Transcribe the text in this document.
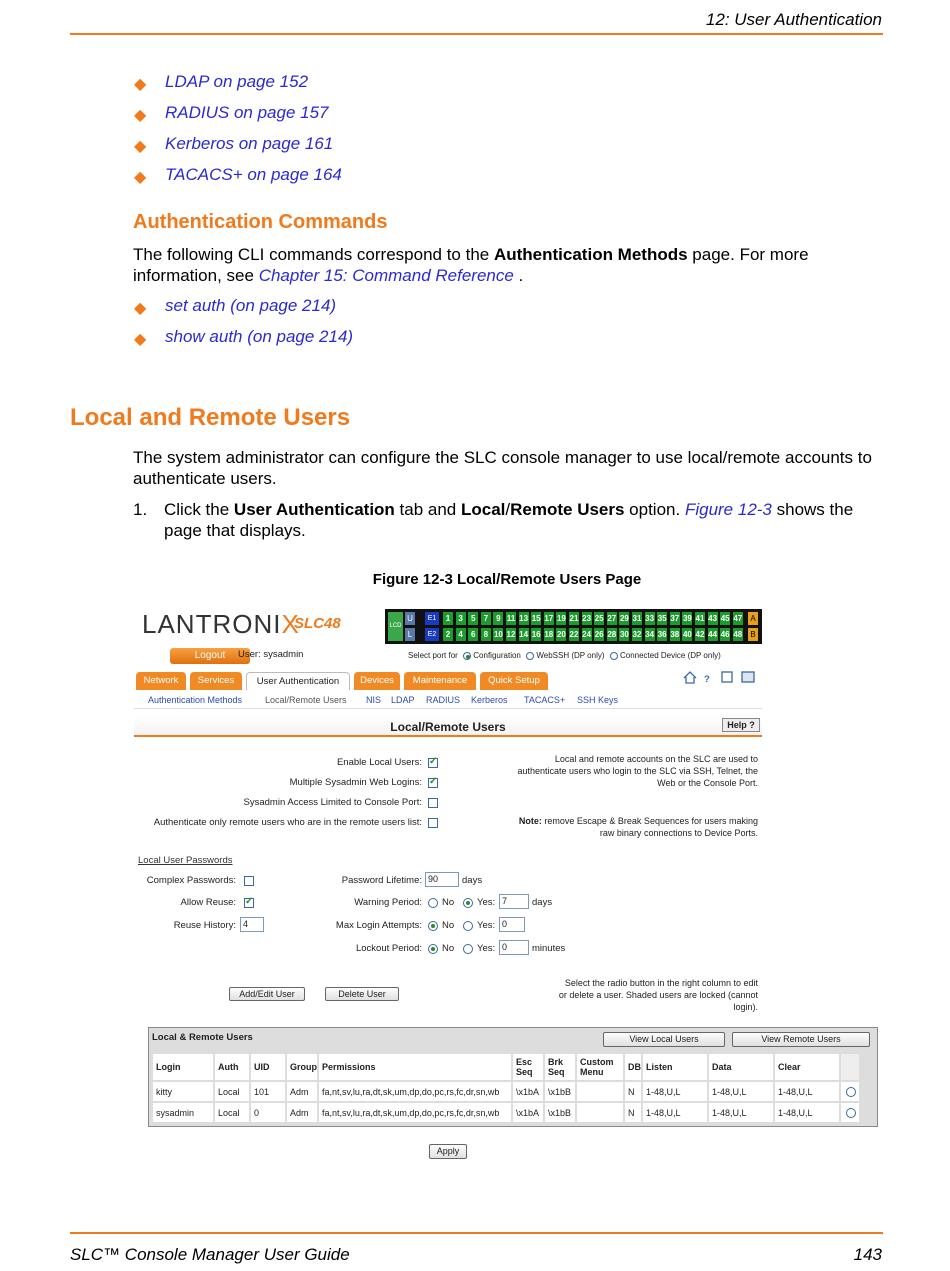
12: User Authentication
◆ LDAP on page 152
◆ RADIUS on page 157
◆ Kerberos on page 161
◆ TACACS+ on page 164
Authentication Commands
The following CLI commands correspond to the Authentication Methods page. For more information, see Chapter 15: Command Reference .
◆ set auth (on page 214)
◆ show auth (on page 214)
Local and Remote Users
The system administrator can configure the SLC console manager to use local/remote accounts to authenticate users.
1. Click the User Authentication tab and Local/Remote Users option. Figure 12-3 shows the page that displays.
Figure 12-3 Local/Remote Users Page
LANTRONIX
SLC48	LCD
U
L
E1
E2
1	3	5	7	9 11 13 15 17 19 21 23 25 27 29 31 33 35 37 39 41 43 45 47
2	4	6	8 10 12 14 16 18 20 22 24 26 28 30 32 34 36 38 40 42 44 46 48
A
B
Logout	User: sysadmin	Select port for Configuration WebSSH (DP only) Connected Device (DP only)
Network	Services	User Authentication	Devices	Maintenance	Quick Setup	?
Authentication Methods	Local/Remote Users NIS LDAP RADIUS Kerberos TACACS+ SSH Keys
Local/Remote Users	Help ?
Enable Local Users:
✓
Multiple Sysadmin Web Logins:
✓
Sysadmin Access Limited to Console Port:
Authenticate only remote users who are in the remote users list:
Local and remote accounts on the SLC are used to authenticate users who login to the SLC via SSH, Telnet, the Web or the Console Port.
Note: remove Escape & Break Sequences for users making raw binary connections to Device Ports.
Local User Passwords
Complex Passwords:
Allow Reuse:
✓
Reuse History: 4
Password Lifetime: 90	days
Warning Period: No Yes: 7	days
Max Login Attempts: No Yes: 0
Lockout Period: No Yes: 0	minutes
Add/Edit User	Delete User
Select the radio button in the right column to edit or delete a user. Shaded users are locked (cannot login).
Local & Remote Users	View Local Users	View Remote Users
Login	Auth	UID	Group	Permissions	Esc Seq	Brk Seq	Custom Menu	DB	Listen	Data	Clear	
kitty	Local	101	Adm	fa,nt,sv,lu,ra,dt,sk,um,dp,do,pc,rs,fc,dr,sn,wb	\x1bA	\x1bB		N	1-48,U,L	1-48,U,L	1-48,U,L	

sysadmin	Local	0	Adm	fa,nt,sv,lu,ra,dt,sk,um,dp,do,pc,rs,fc,dr,sn,wb	\x1bA	\x1bB		N	1-48,U,L	1-48,U,L	1-48,U,L	
Apply
SLC™ Console Manager User Guide	143
